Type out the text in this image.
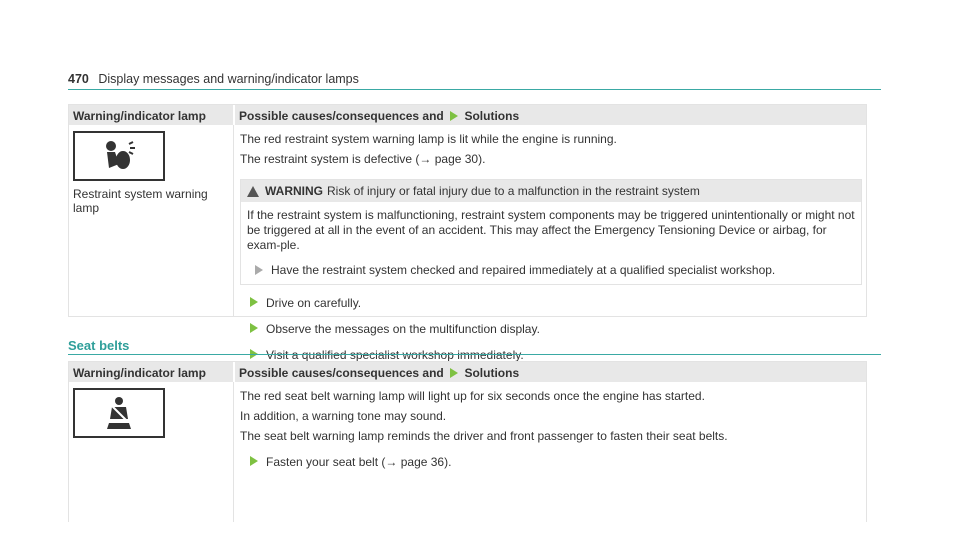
470 Display messages and warning/indicator lamps
Warning/indicator lamp	Possible causes/consequences and Solutions
Restraint system warning lamp

The red restraint system warning lamp is lit while the engine is running.

The restraint system is defective (→ page 30).

WARNING Risk of injury or fatal injury due to a malfunction in the restraint system
If the restraint system is malfunctioning, restraint system components may be triggered unintentionally or might not be triggered at all in the event of an accident. This may affect the Emergency Tensioning Device or airbag, for exam-ple.
Have the restraint system checked and repaired immediately at a qualified specialist workshop.
Drive on carefully.
Observe the messages on the multifunction display.
Visit a qualified specialist workshop immediately.
Seat belts
Warning/indicator lamp	Possible causes/consequences and Solutions

The red seat belt warning lamp will light up for six seconds once the engine has started.

In addition, a warning tone may sound.

The seat belt warning lamp reminds the driver and front passenger to fasten their seat belts.

Fasten your seat belt (→ page 36).
